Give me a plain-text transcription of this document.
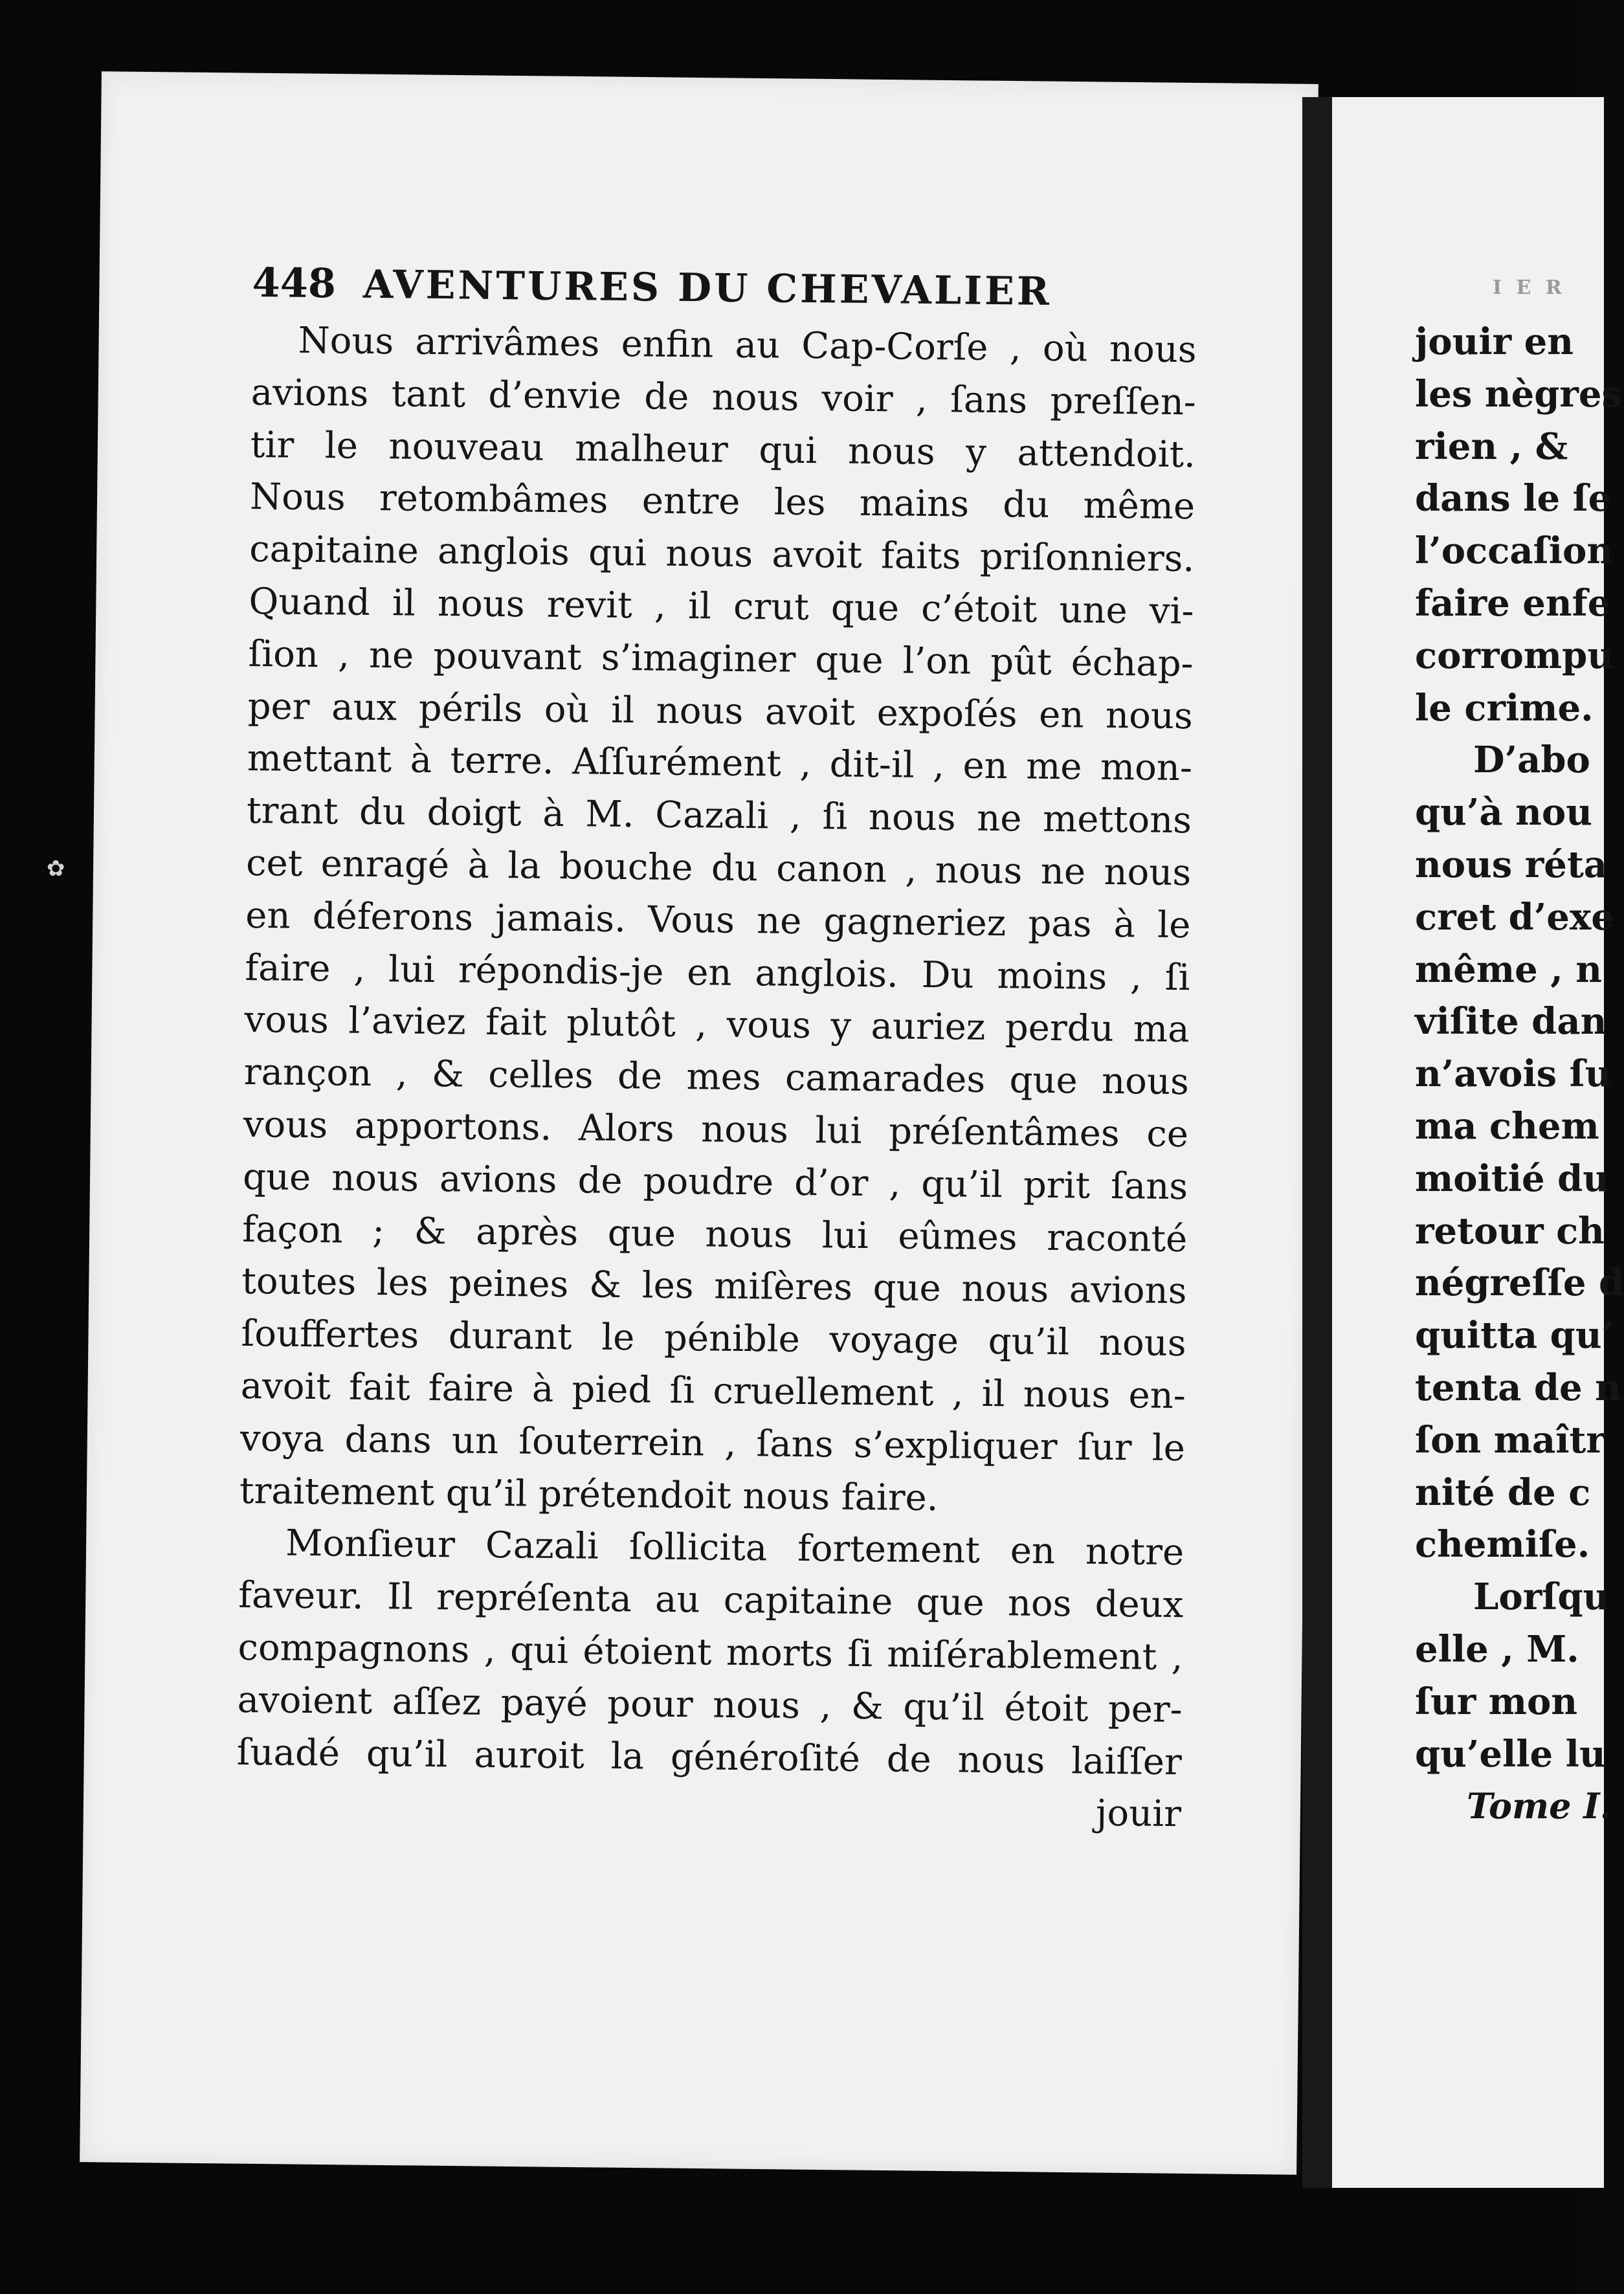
✿
448 AVENTURES DU CHEVALIER
Nous arrivâmes enfin au Cap-Corſe , où nous
avions tant d’envie de nous voir , ſans preſſen-
tir le nouveau malheur qui nous y attendoit.
Nous retombâmes entre les mains du même
capitaine anglois qui nous avoit faits priſonniers.
Quand il nous revit , il crut que c’étoit une vi-
ſion , ne pouvant s’imaginer que l’on pût échap-
per aux périls où il nous avoit expoſés en nous
mettant à terre. Aſſurément , dit-il , en me mon-
trant du doigt à M. Cazali , ſi nous ne mettons
cet enragé à la bouche du canon , nous ne nous
en déferons jamais. Vous ne gagneriez pas à le
faire , lui répondis-je en anglois. Du moins , ſi
vous l’aviez fait plutôt , vous y auriez perdu ma
rançon , & celles de mes camarades que nous
vous apportons. Alors nous lui préſentâmes ce
que nous avions de poudre d’or , qu’il prit ſans
façon ; & après que nous lui eûmes raconté
toutes les peines & les miſères que nous avions
ſouffertes durant le pénible voyage qu’il nous
avoit fait faire à pied ſi cruellement , il nous en-
voya dans un ſouterrein , ſans s’expliquer ſur le
traitement qu’il prétendoit nous faire.
Monſieur Cazali ſollicita fortement en notre
faveur. Il repréſenta au capitaine que nos deux
compagnons , qui étoient morts ſi miſérablement ,
avoient aſſez payé pour nous , & qu’il étoit per-
ſuadé qu’il auroit la généroſité de nous laiſſer
jouir
I E R
jouir en
les nègres
rien , &
dans le ſe
l’occaſion
faire enfe
corrompu
le crime.
D’abo
qu’à nou
nous réta
cret d’exe
même , n
viſite dan
n’avois ſu
ma chem
moitié du
retour ch
négreſſe d
quitta qu’
tenta de n
ſon maîtr
nité de c
chemiſe.
Lorſqu
elle , M.
ſur mon
qu’elle lu
Tome I.
